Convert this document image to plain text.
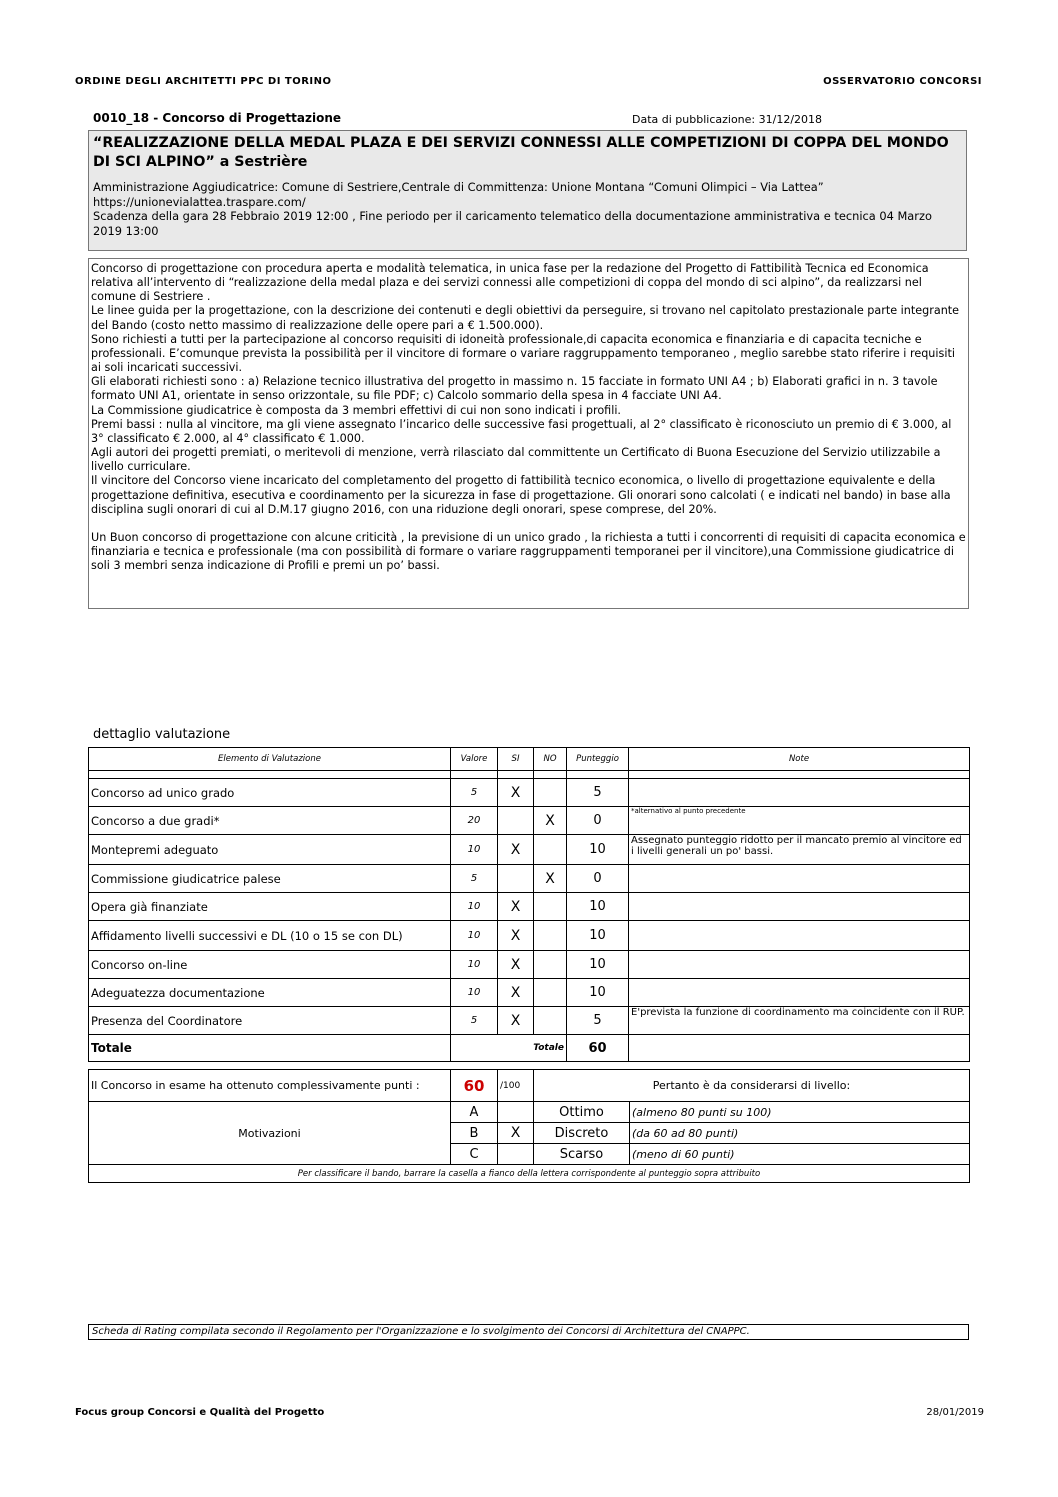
ORDINE DEGLI ARCHITETTI PPC DI TORINO	OSSERVATORIO CONCORSI
0010_18 - Concorso di Progettazione	Data di pubblicazione: 31/12/2018
“REALIZZAZIONE DELLA MEDAL PLAZA E DEI SERVIZI CONNESSI ALLE COMPETIZIONI DI COPPA DEL MONDO DI SCI ALPINO” a Sestrière
Amministrazione Aggiudicatrice: Comune di Sestriere,Centrale di Committenza: Unione Montana “Comuni Olimpici – Via Lattea”
https://unionevialattea.traspare.com/
Scadenza della gara 28 Febbraio 2019 12:00 , Fine periodo per il caricamento telematico della documentazione amministrativa e tecnica 04 Marzo 2019 13:00

Concorso di progettazione con procedura aperta e modalità telematica, in unica fase per la redazione del Progetto di Fattibilità Tecnica ed Economica relativa all’intervento di “realizzazione della medal plaza e dei servizi connessi alle competizioni di coppa del mondo di sci alpino”, da realizzarsi nel comune di Sestriere .

Le linee guida per la progettazione, con la descrizione dei contenuti e degli obiettivi da perseguire, si trovano nel capitolato prestazionale parte integrante del Bando (costo netto massimo di realizzazione delle opere pari a € 1.500.000).

Sono richiesti a tutti per la partecipazione al concorso requisiti di idoneità professionale,di capacita economica e finanziaria e di capacita tecniche e professionali. E’comunque prevista la possibilità per il vincitore di formare o variare raggruppamento temporaneo , meglio sarebbe stato riferire i requisiti ai soli incaricati successivi.

Gli elaborati richiesti sono : a) Relazione tecnico illustrativa del progetto in massimo n. 15 facciate in formato UNI A4 ; b) Elaborati grafici in n. 3 tavole formato UNI A1, orientate in senso orizzontale, su file PDF; c) Calcolo sommario della spesa in 4 facciate UNI A4.

La Commissione giudicatrice è composta da 3 membri effettivi di cui non sono indicati i profili.

Premi bassi : nulla al vincitore, ma gli viene assegnato l’incarico delle successive fasi progettuali, al 2° classificato è riconosciuto un premio di € 3.000, al 3° classificato € 2.000, al 4° classificato € 1.000.

Agli autori dei progetti premiati, o meritevoli di menzione, verrà rilasciato dal committente un Certificato di Buona Esecuzione del Servizio utilizzabile a livello curriculare.

Il vincitore del Concorso viene incaricato del completamento del progetto di fattibilità tecnico economica, o livello di progettazione equivalente e della progettazione definitiva, esecutiva e coordinamento per la sicurezza in fase di progettazione. Gli onorari sono calcolati ( e indicati nel bando) in base alla disciplina sugli onorari di cui al D.M.17 giugno 2016, con una riduzione degli onorari, spese comprese, del 20%.

Un Buon concorso di progettazione con alcune criticità , la previsione di un unico grado , la richiesta a tutti i concorrenti di requisiti di capacita economica e finanziaria e tecnica e professionale (ma con possibilità di formare o variare raggruppamenti temporanei per il vincitore),una Commissione giudicatrice di soli 3 membri senza indicazione di Profili e premi un po’ bassi.

dettaglio valutazione
Elemento di Valutazione	Valore	SI	NO	Punteggio	Note

Concorso ad unico grado	5	X		5	
Concorso a due gradi*	20		X	0	*alternativo al punto precedente
Montepremi adeguato	10	X		10	Assegnato punteggio ridotto per il mancato premio al vincitore ed i livelli generali un po' bassi.
Commissione giudicatrice palese	5		X	0	
Opera già finanziate	10	X		10	
Affidamento livelli successivi e DL (10 o 15 se con DL)	10	X		10	
Concorso on-line	10	X		10	
Adeguatezza documentazione	10	X		10	
Presenza del Coordinatore	5	X		5	E'prevista la funzione di coordinamento ma coincidente con il RUP.
Totale	Totale			60	
Il Concorso in esame ha ottenuto complessivamente punti :	60	/100	Pertanto è da considerarsi di livello:	
Motivazioni	A		Ottimo	(almeno 80 punti su 100)
	B	X	Discreto	(da 60 ad 80 punti)
	C		Scarso	(meno di 60 punti)
Per classificare il bando, barrare la casella a fianco della lettera corrispondente al punteggio sopra attribuito				
Scheda di Rating compilata secondo il Regolamento per l'Organizzazione e lo svolgimento dei Concorsi di Architettura del CNAPPC.
Focus group Concorsi e Qualità del Progetto	28/01/2019
